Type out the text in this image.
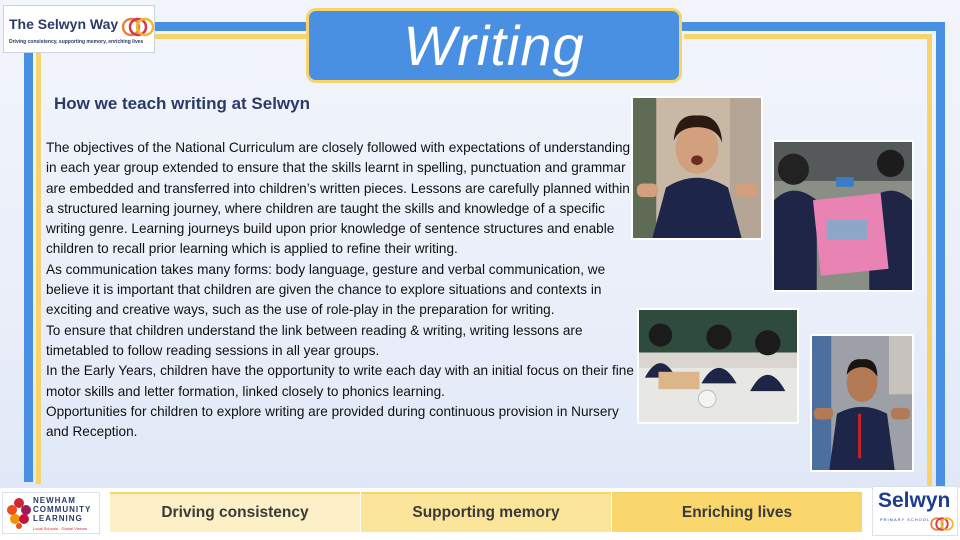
The Selwyn Way
Driving consistency, supporting memory, enriching lives	Writing
How we teach writing at Selwyn

The objectives of the National Curriculum are closely followed with expectations of understanding in each year group extended to ensure that the skills learnt in spelling, punctuation and grammar are embedded and transferred into children’s written pieces. Lessons are carefully planned within a structured learning journey, where children are taught the skills and knowledge of a specific writing genre. Learning journeys build upon prior knowledge of sentence structures and enable children to recall prior learning which is applied to refine their writing.

As communication takes many forms: body language, gesture and verbal communication, we believe it is important that children are given the chance to explore situations and contexts in exciting and creative ways, such as the use of role-play in the preparation for writing.

To ensure that children understand the link between reading & writing, writing lessons are timetabled to follow reading sessions in all year groups.

In the Early Years, children have the opportunity to write each day with an initial focus on their fine motor skills and letter formation, linked closely to phonics learning.

Opportunities for children to explore writing are provided during continuous provision in Nursery and Reception.

NEWHAM
COMMUNITY
LEARNING
Local Schools · Global Visions
Driving consistency	Supporting memory	Enriching lives
Selwyn
PRIMARY SCHOOL
